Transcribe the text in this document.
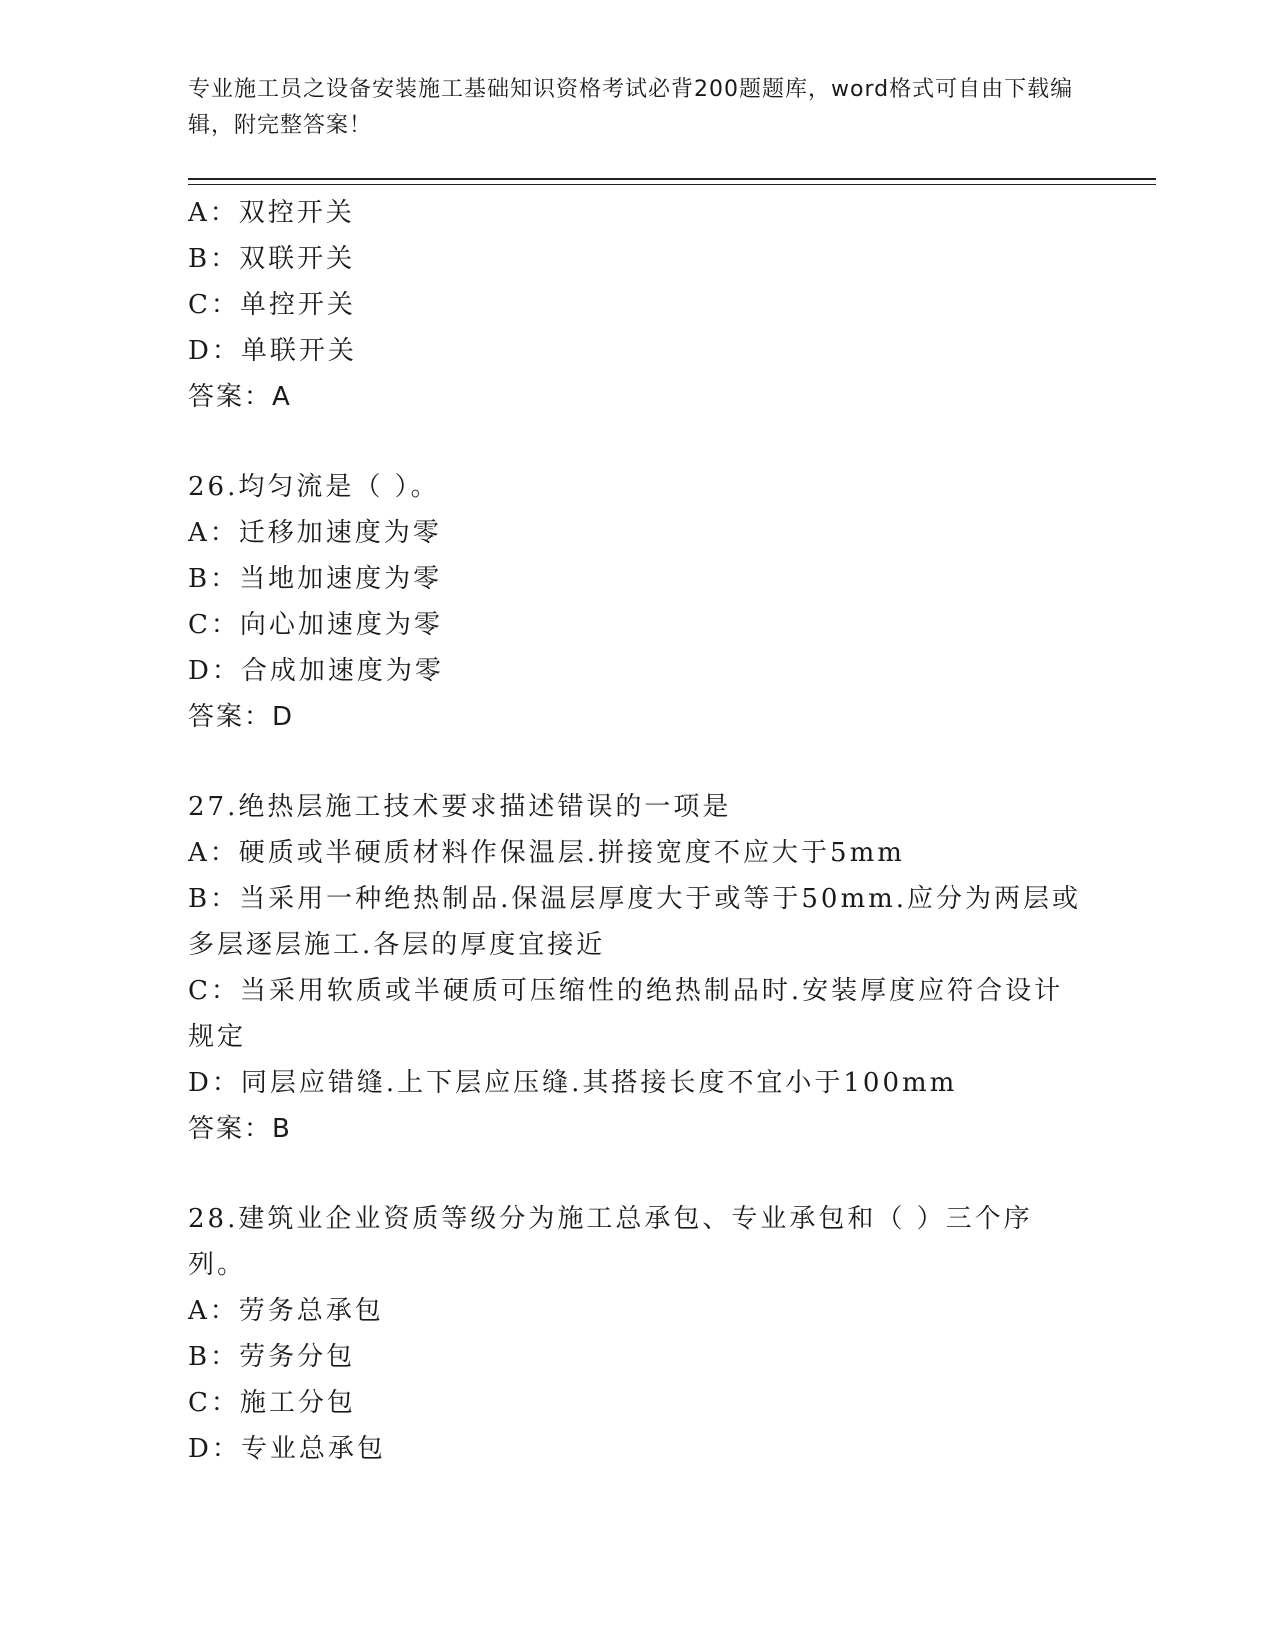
专业施工员之设备安装施工基础知识资格考试必背200题题库，word格式可自由下载编辑，附完整答案！
A：双控开关
B：双联开关
C：单控开关
D：单联开关
答案：A
26.均匀流是（ ）。
A：迁移加速度为零
B：当地加速度为零
C：向心加速度为零
D：合成加速度为零
答案：D
27.绝热层施工技术要求描述错误的一项是
A：硬质或半硬质材料作保温层.拼接宽度不应大于5mm
B：当采用一种绝热制品.保温层厚度大于或等于50mm.应分为两层或多层逐层施工.各层的厚度宜接近
C：当采用软质或半硬质可压缩性的绝热制品时.安装厚度应符合设计规定
D：同层应错缝.上下层应压缝.其搭接长度不宜小于100mm
答案：B
28.建筑业企业资质等级分为施工总承包、专业承包和（ ）三个序列。
A：劳务总承包
B：劳务分包
C：施工分包
D：专业总承包
